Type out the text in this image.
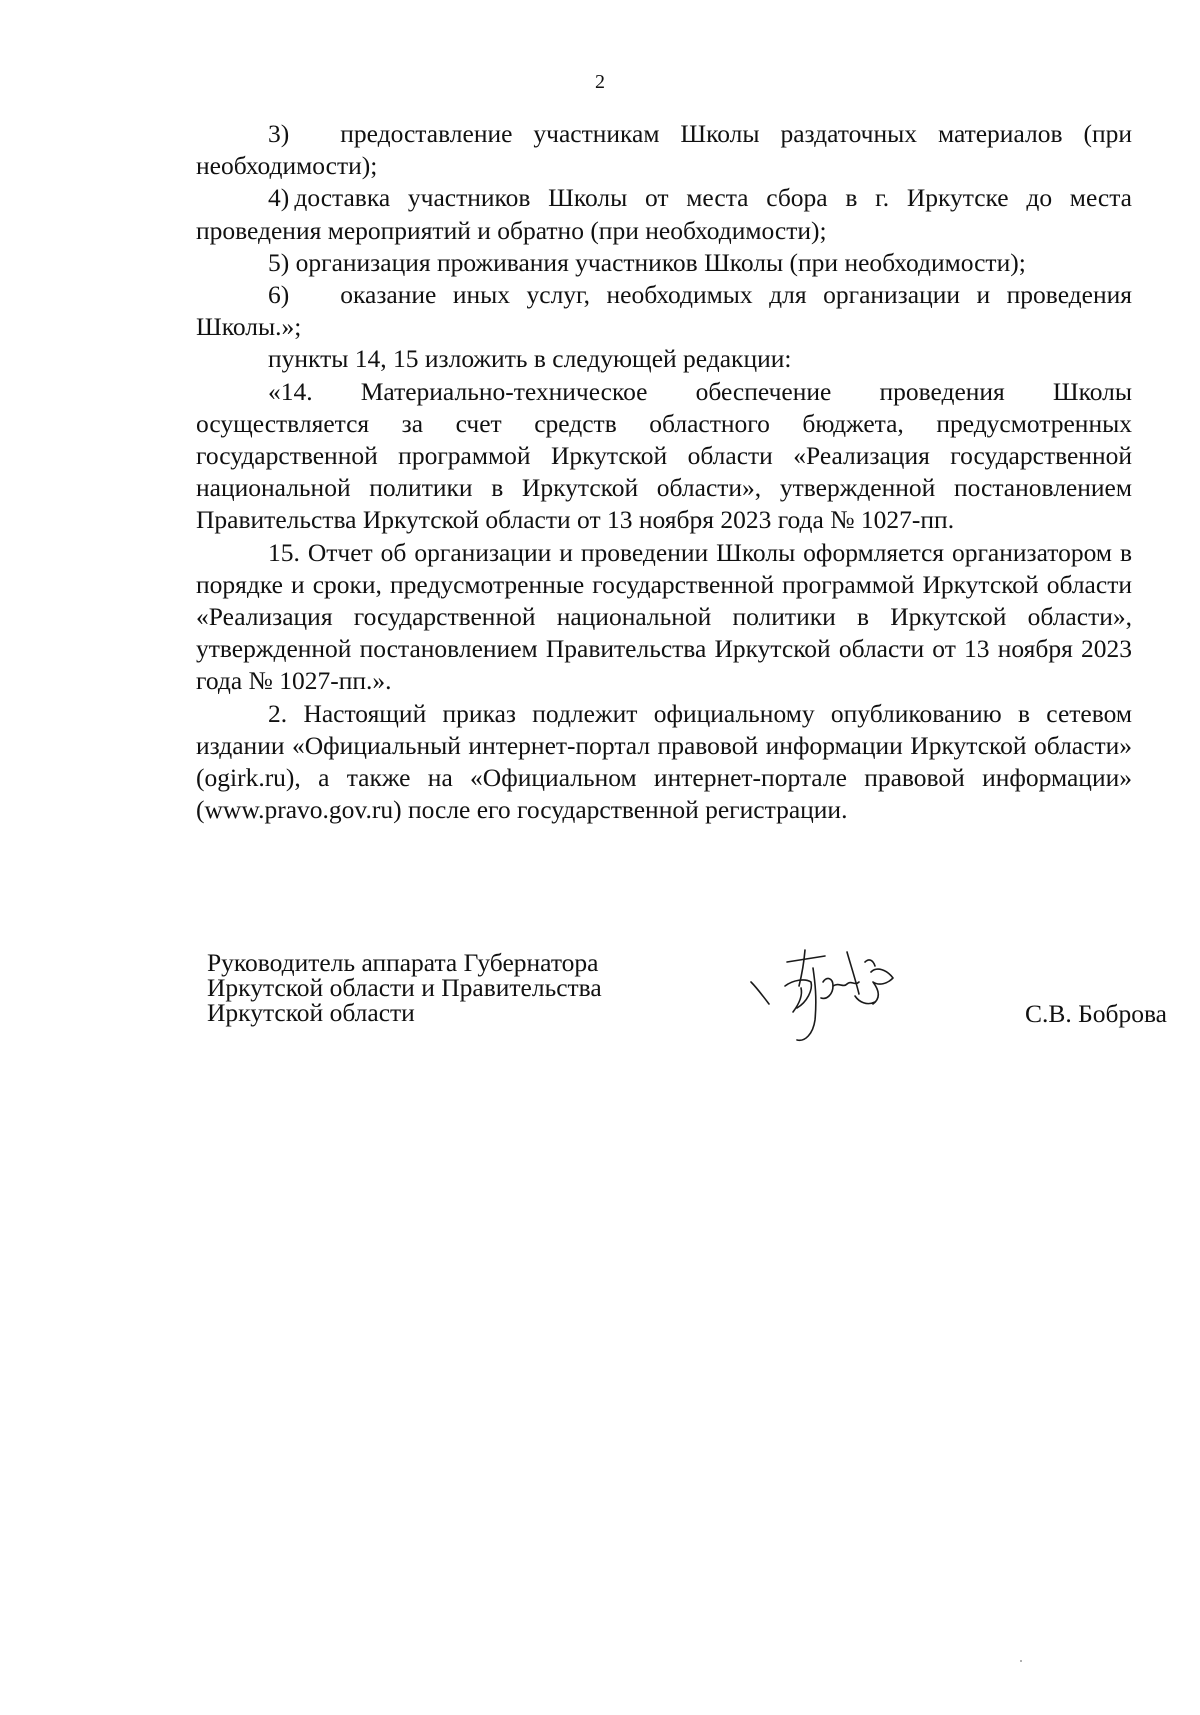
2

3)  предоставление участникам Школы раздаточных материалов (при необходимости);

4) доставка участников Школы от места сбора в г. Иркутске до места проведения мероприятий и обратно (при необходимости);

5) организация проживания участников Школы (при необходимости);

6)  оказание иных услуг, необходимых для организации и проведения Школы.»;

пункты 14, 15 изложить в следующей редакции:

«14. Материально-техническое обеспечение проведения Школы осуществляется за счет средств областного бюджета, предусмотренных государственной программой Иркутской области «Реализация государственной национальной политики в Иркутской области», утвержденной постановлением Правительства Иркутской области от 13 ноября 2023 года № 1027-пп.

15. Отчет об организации и проведении Школы оформляется организатором в порядке и сроки, предусмотренные государственной программой Иркутской области «Реализация государственной национальной политики в Иркутской области», утвержденной постановлением Правительства Иркутской области от 13 ноября 2023 года № 1027-пп.».

2. Настоящий приказ подлежит официальному опубликованию в сетевом издании «Официальный интернет-портал правовой информации Иркутской области» (ogirk.ru), а также на «Официальном интернет-портале правовой информации» (www.pravo.gov.ru) после его государственной регистрации.

Руководитель аппарата Губернатора
Иркутской области и Правительства
Иркутской области	С.В. Боброва
